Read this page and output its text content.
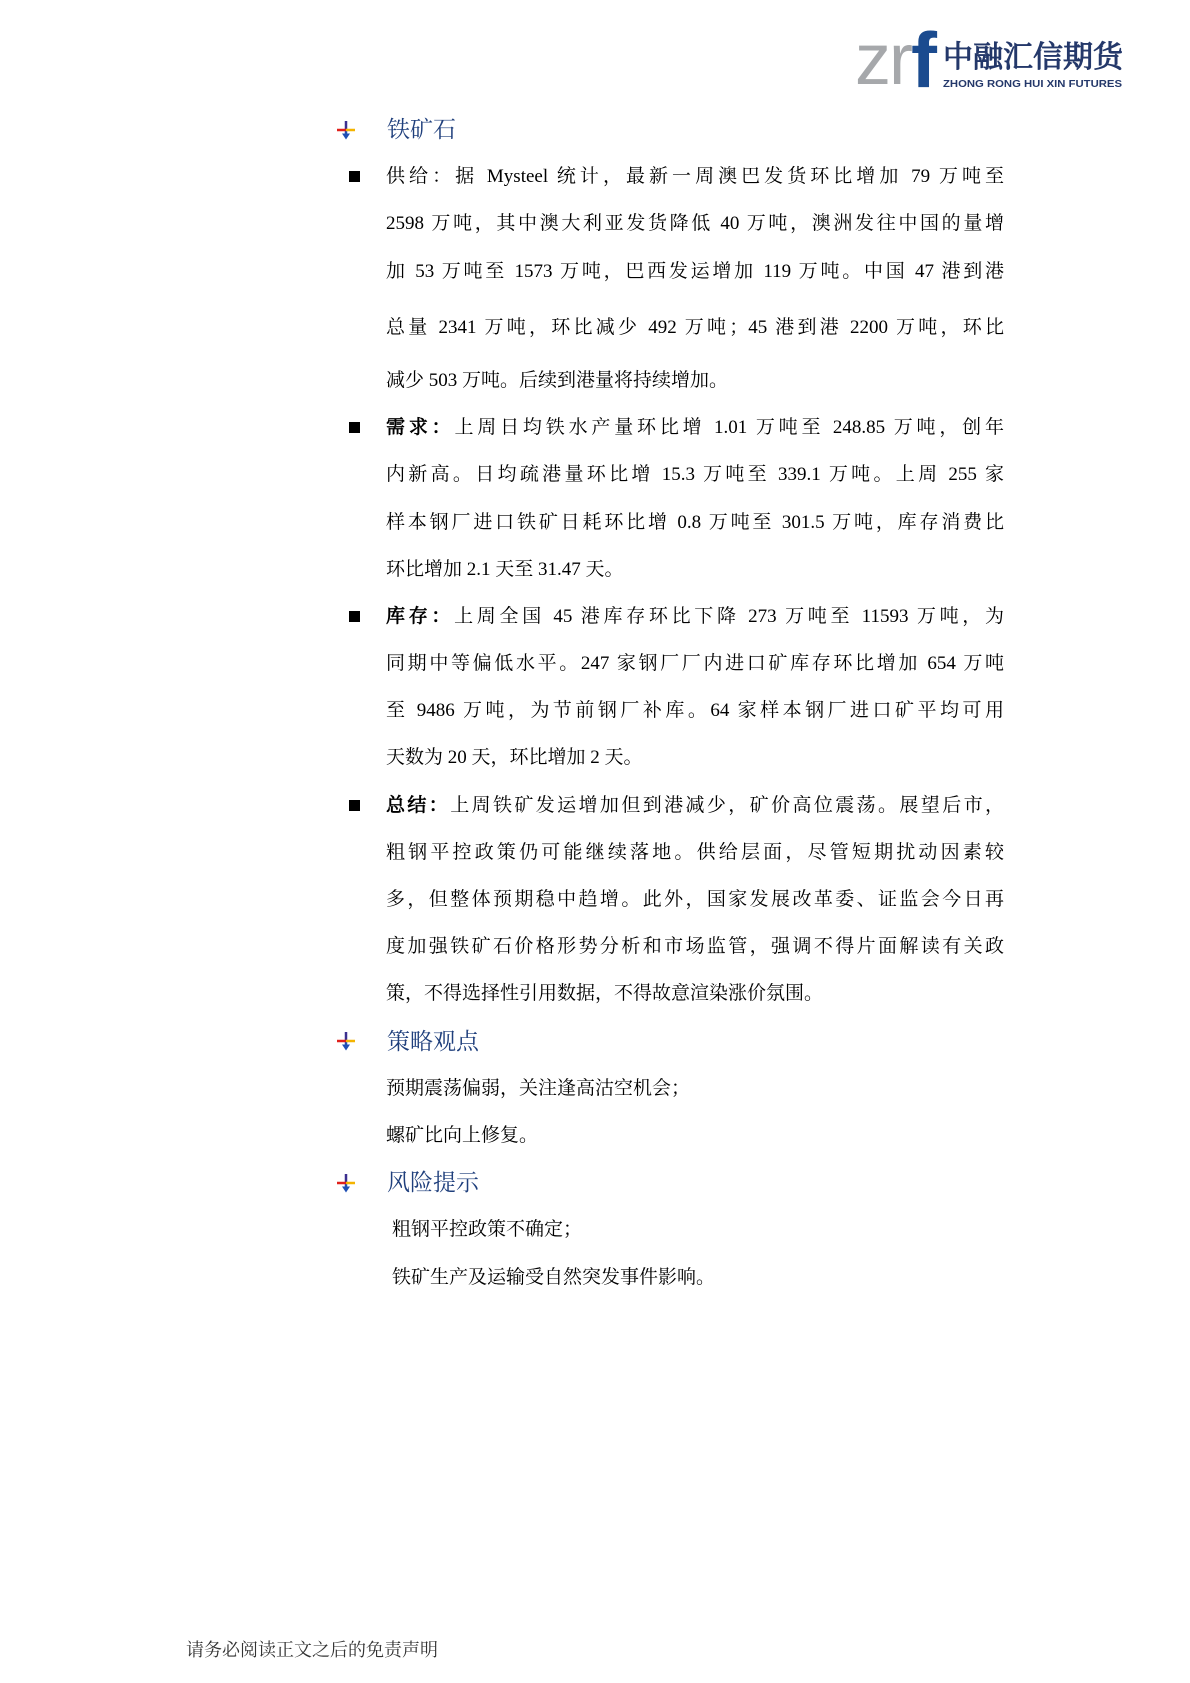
zr f 中融汇信期货
ZHONG RONG HUI XIN FUTURES
铁矿石
供给：据 Mysteel 统计，最新一周澳巴发货环比增加 79 万吨至
2598 万吨，其中澳大利亚发货降低 40 万吨，澳洲发往中国的量增
加 53 万吨至 1573 万吨，巴西发运增加 119 万吨。中国 47 港到港
总量 2341 万吨，环比减少 492 万吨；45 港到港 2200 万吨，环比
减少 503 万吨。后续到港量将持续增加。
需求：上周日均铁水产量环比增 1.01 万吨至 248.85 万吨，创年
内新高。日均疏港量环比增 15.3 万吨至 339.1 万吨。上周 255 家
样本钢厂进口铁矿日耗环比增 0.8 万吨至 301.5 万吨，库存消费比
环比增加 2.1 天至 31.47 天。
库存：上周全国 45 港库存环比下降 273 万吨至 11593 万吨，为
同期中等偏低水平。247 家钢厂厂内进口矿库存环比增加 654 万吨
至 9486 万吨，为节前钢厂补库。64 家样本钢厂进口矿平均可用
天数为 20 天，环比增加 2 天。
总结：上周铁矿发运增加但到港减少，矿价高位震荡。展望后市，
粗钢平控政策仍可能继续落地。供给层面，尽管短期扰动因素较
多，但整体预期稳中趋增。此外，国家发展改革委、证监会今日再
度加强铁矿石价格形势分析和市场监管，强调不得片面解读有关政
策，不得选择性引用数据，不得故意渲染涨价氛围。
策略观点
预期震荡偏弱，关注逢高沽空机会；
螺矿比向上修复。
风险提示
粗钢平控政策不确定；
铁矿生产及运输受自然突发事件影响。
请务必阅读正文之后的免责声明
